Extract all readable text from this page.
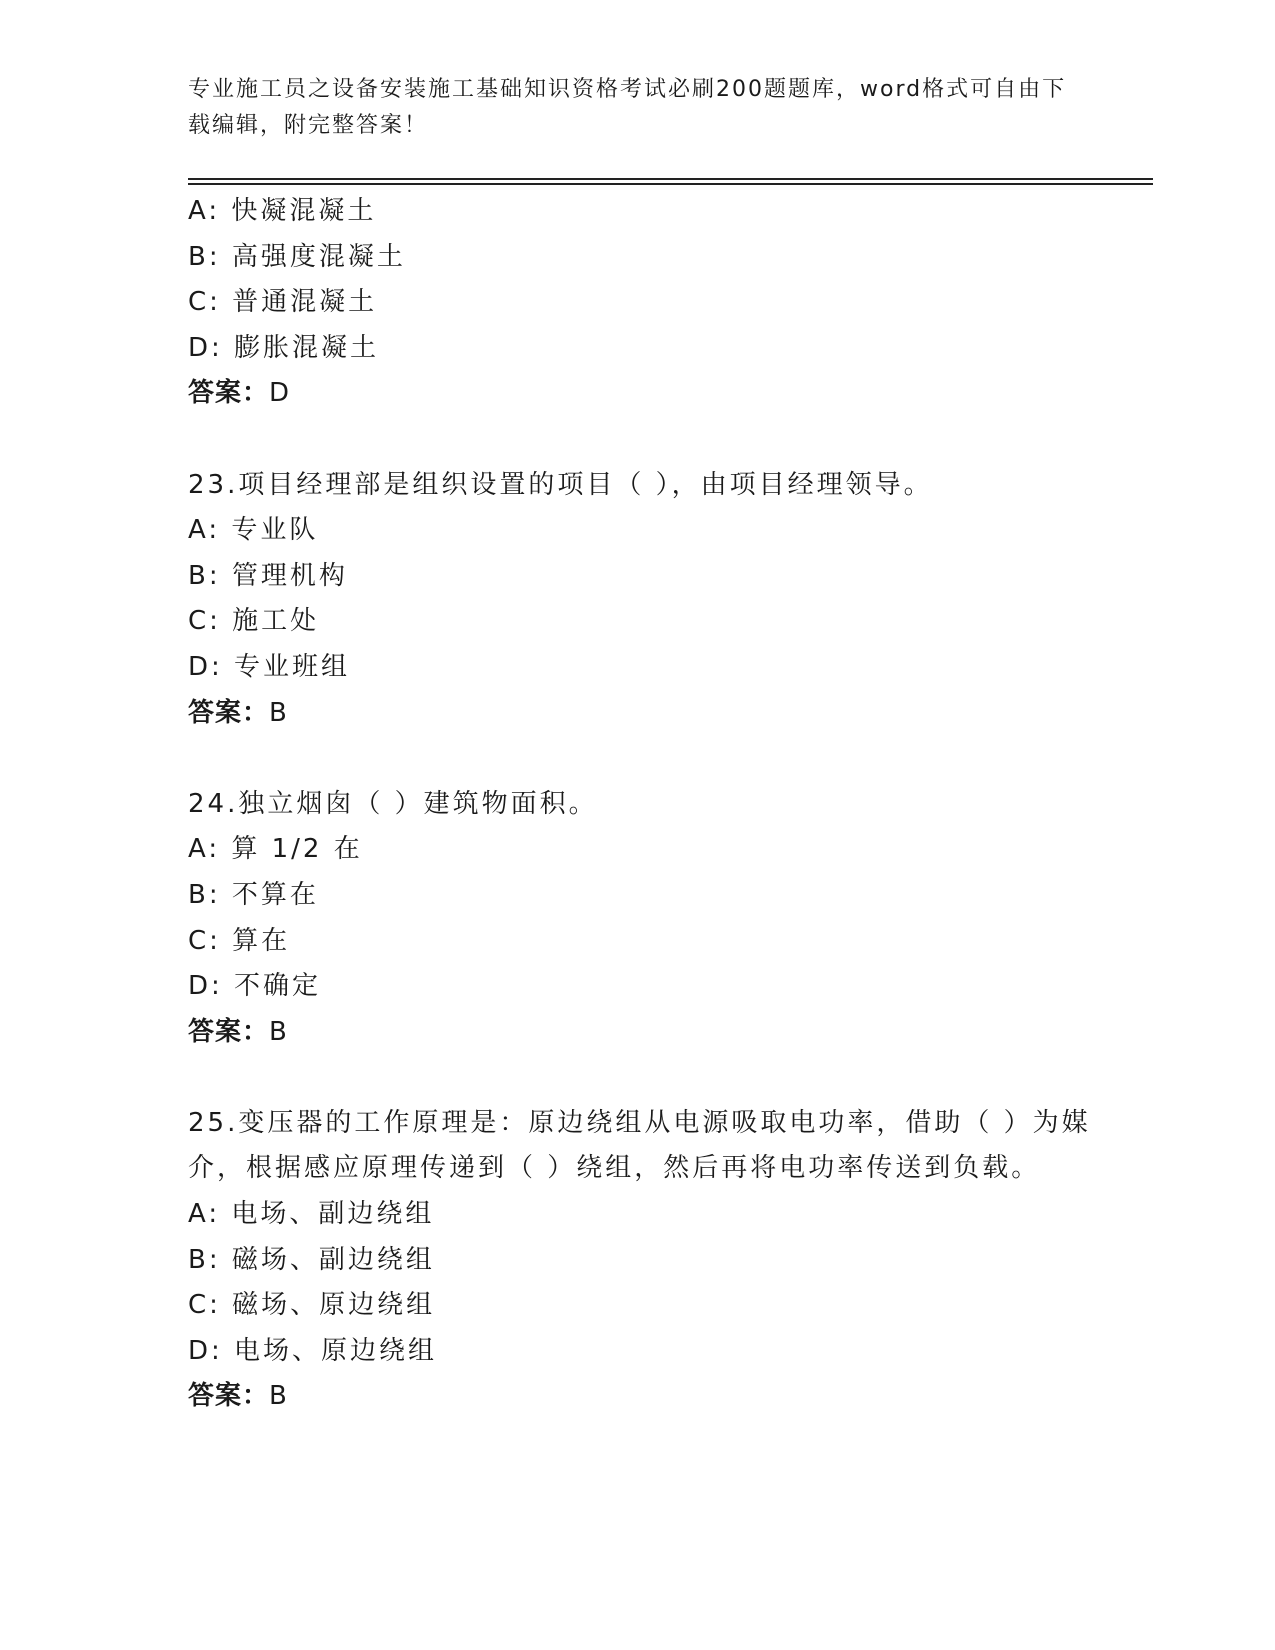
专业施工员之设备安装施工基础知识资格考试必刷200题题库，word格式可自由下载编辑，附完整答案！
A: 快凝混凝土
B: 高强度混凝土
C: 普通混凝土
D: 膨胀混凝土
答案：D
23.项目经理部是组织设置的项目（ ），由项目经理领导。
A: 专业队
B: 管理机构
C: 施工处
D: 专业班组
答案：B
24.独立烟囱（ ）建筑物面积。
A: 算 1/2 在
B: 不算在
C: 算在
D: 不确定
答案：B
25.变压器的工作原理是：原边绕组从电源吸取电功率，借助（ ）为媒介，根据感应原理传递到（ ）绕组，然后再将电功率传送到负载。
A: 电场、副边绕组
B: 磁场、副边绕组
C: 磁场、原边绕组
D: 电场、原边绕组
答案：B
